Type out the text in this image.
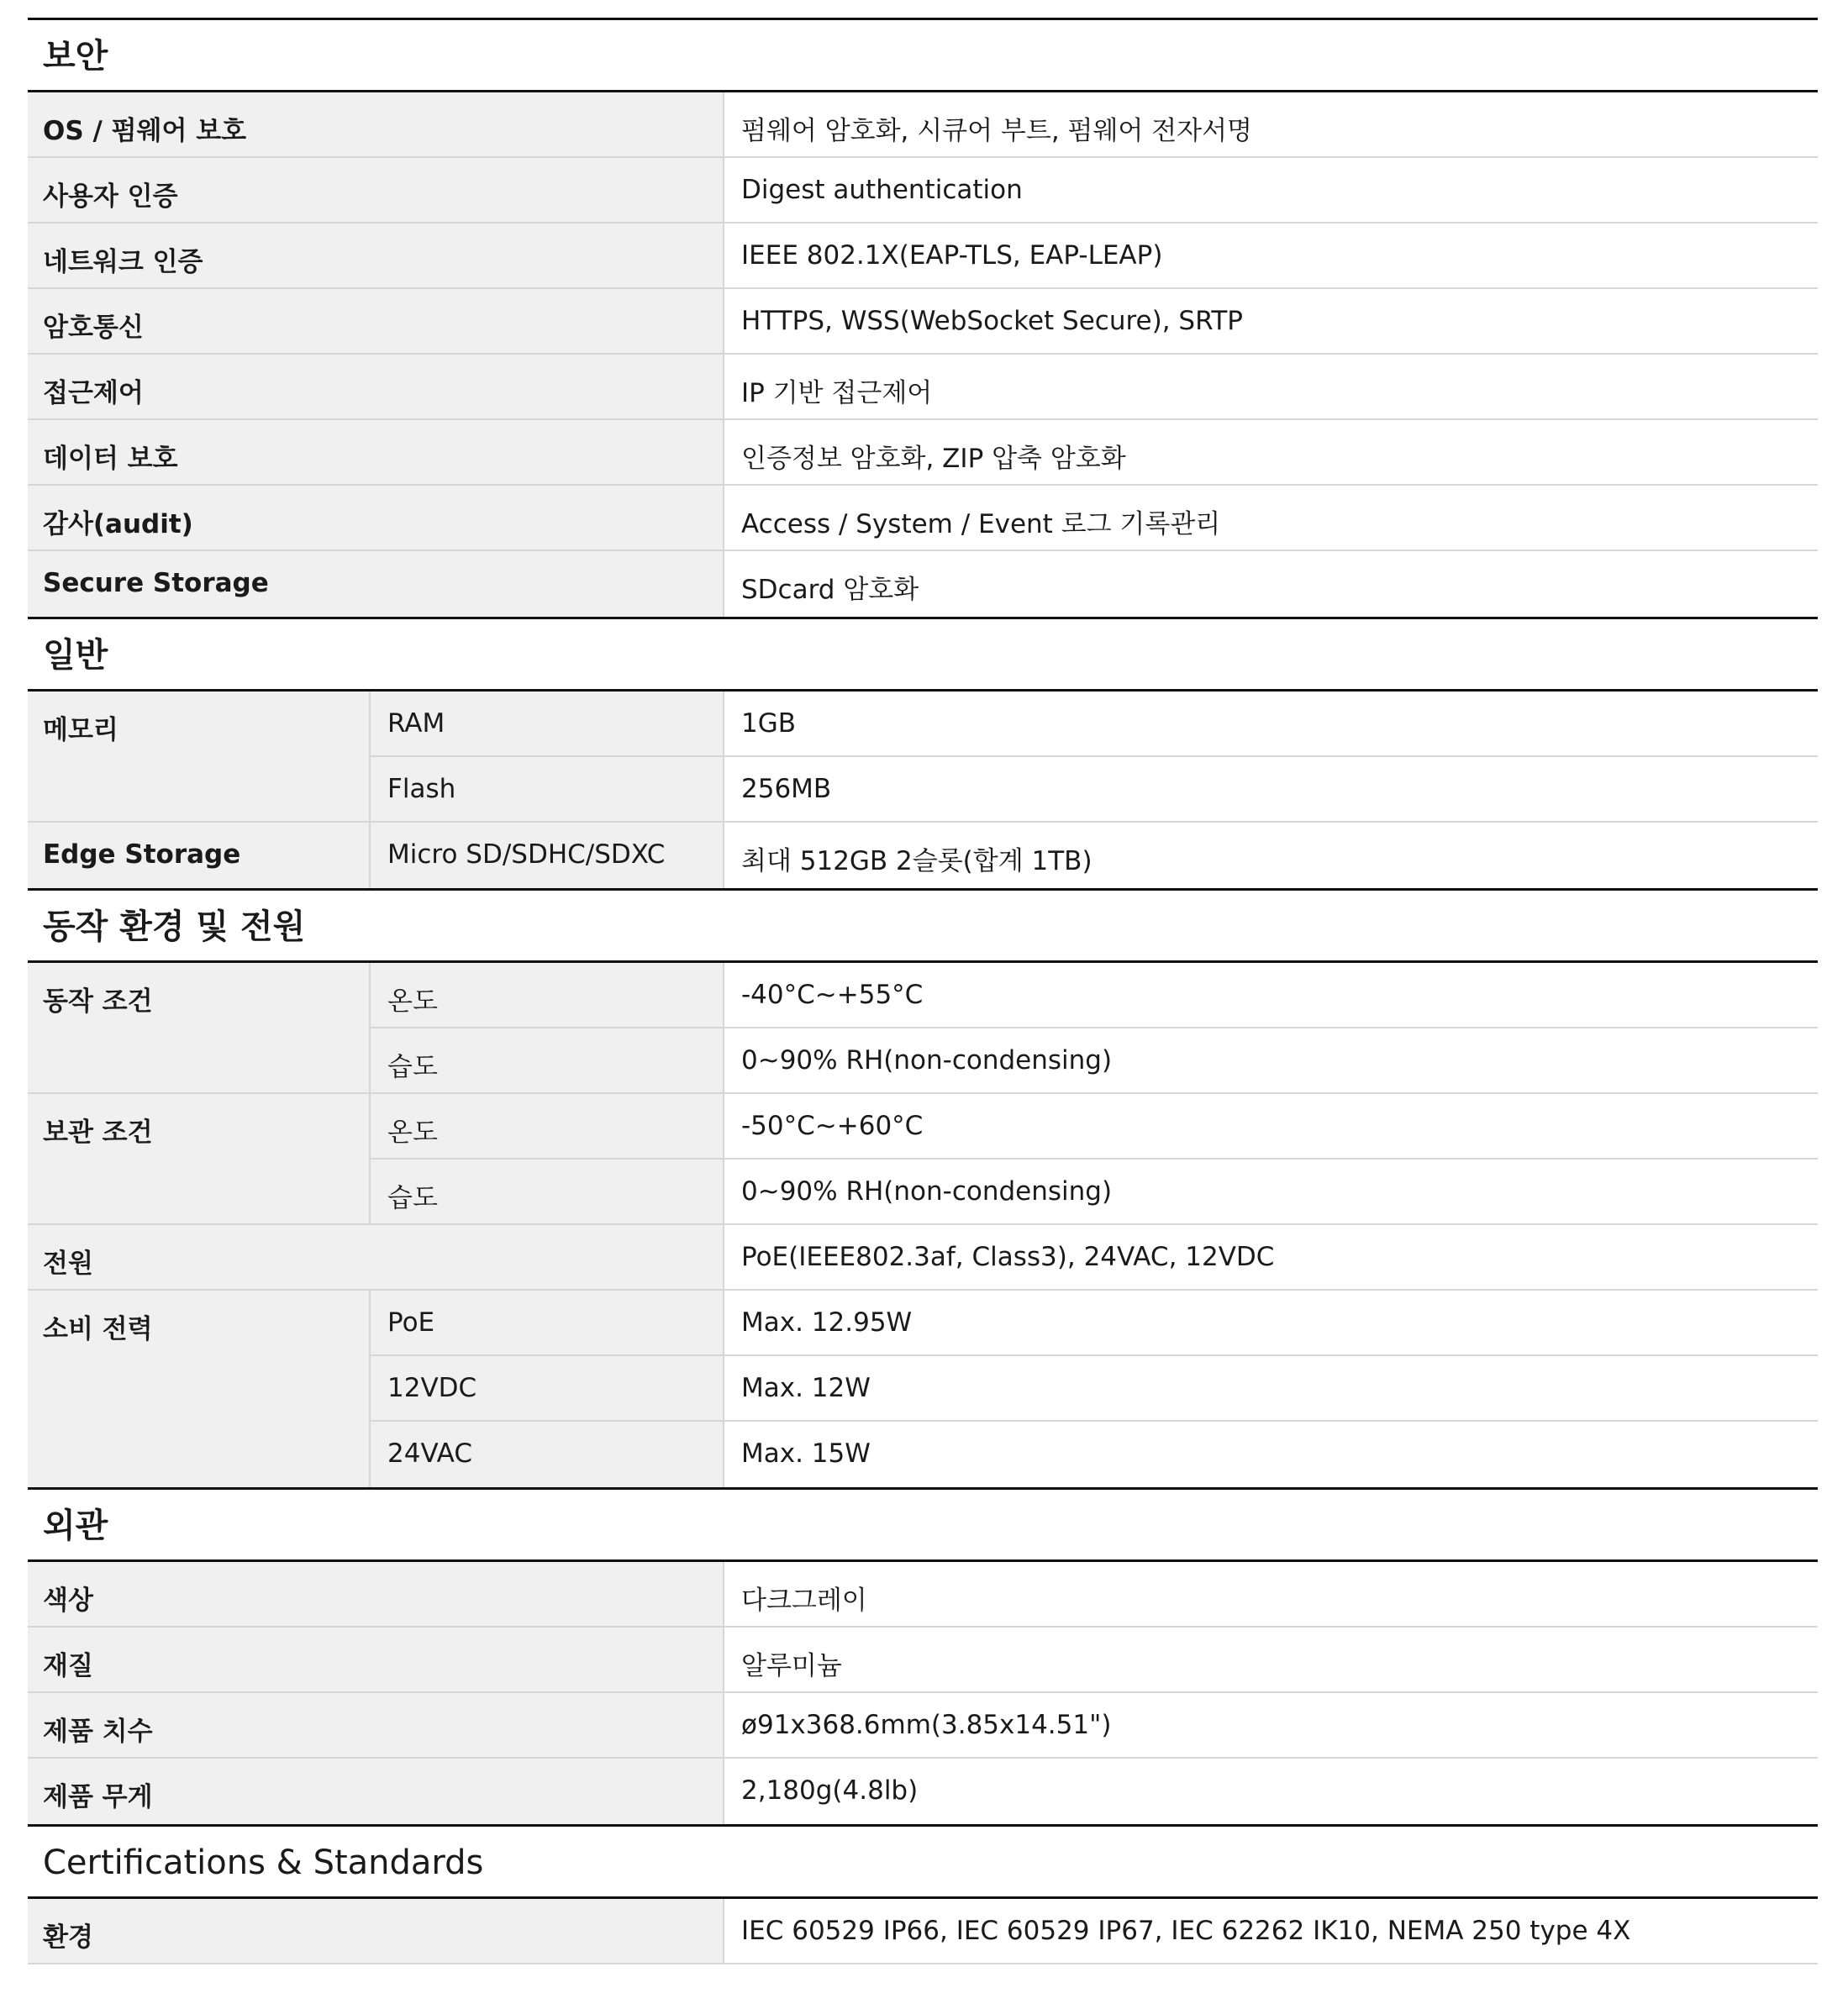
보안
OS / 펌웨어 보호	펌웨어 암호화, 시큐어 부트, 펌웨어 전자서명
사용자 인증	Digest authentication
네트워크 인증	IEEE 802.1X(EAP-TLS, EAP-LEAP)
암호통신	HTTPS, WSS(WebSocket Secure), SRTP
접근제어	IP 기반 접근제어
데이터 보호	인증정보 암호화, ZIP 압축 암호화
감사(audit)	Access / System / Event 로그 기록관리
Secure Storage	SDcard 암호화
일반
메모리	RAM	1GB
Flash	256MB
Edge Storage	Micro SD/SDHC/SDXC	최대 512GB 2슬롯(합계 1TB)
동작 환경 및 전원
동작 조건	온도	-40°C~+55°C
습도	0~90% RH(non-condensing)
보관 조건	온도	-50°C~+60°C
습도	0~90% RH(non-condensing)
전원	PoE(IEEE802.3af, Class3), 24VAC, 12VDC
소비 전력	PoE	Max. 12.95W
12VDC	Max. 12W
24VAC	Max. 15W
외관
색상	다크그레이
재질	알루미늄
제품 치수	ø91x368.6mm(3.85x14.51")
제품 무게	2,180g(4.8lb)
Certifications & Standards
환경	IEC 60529 IP66, IEC 60529 IP67, IEC 62262 IK10, NEMA 250 type 4X
